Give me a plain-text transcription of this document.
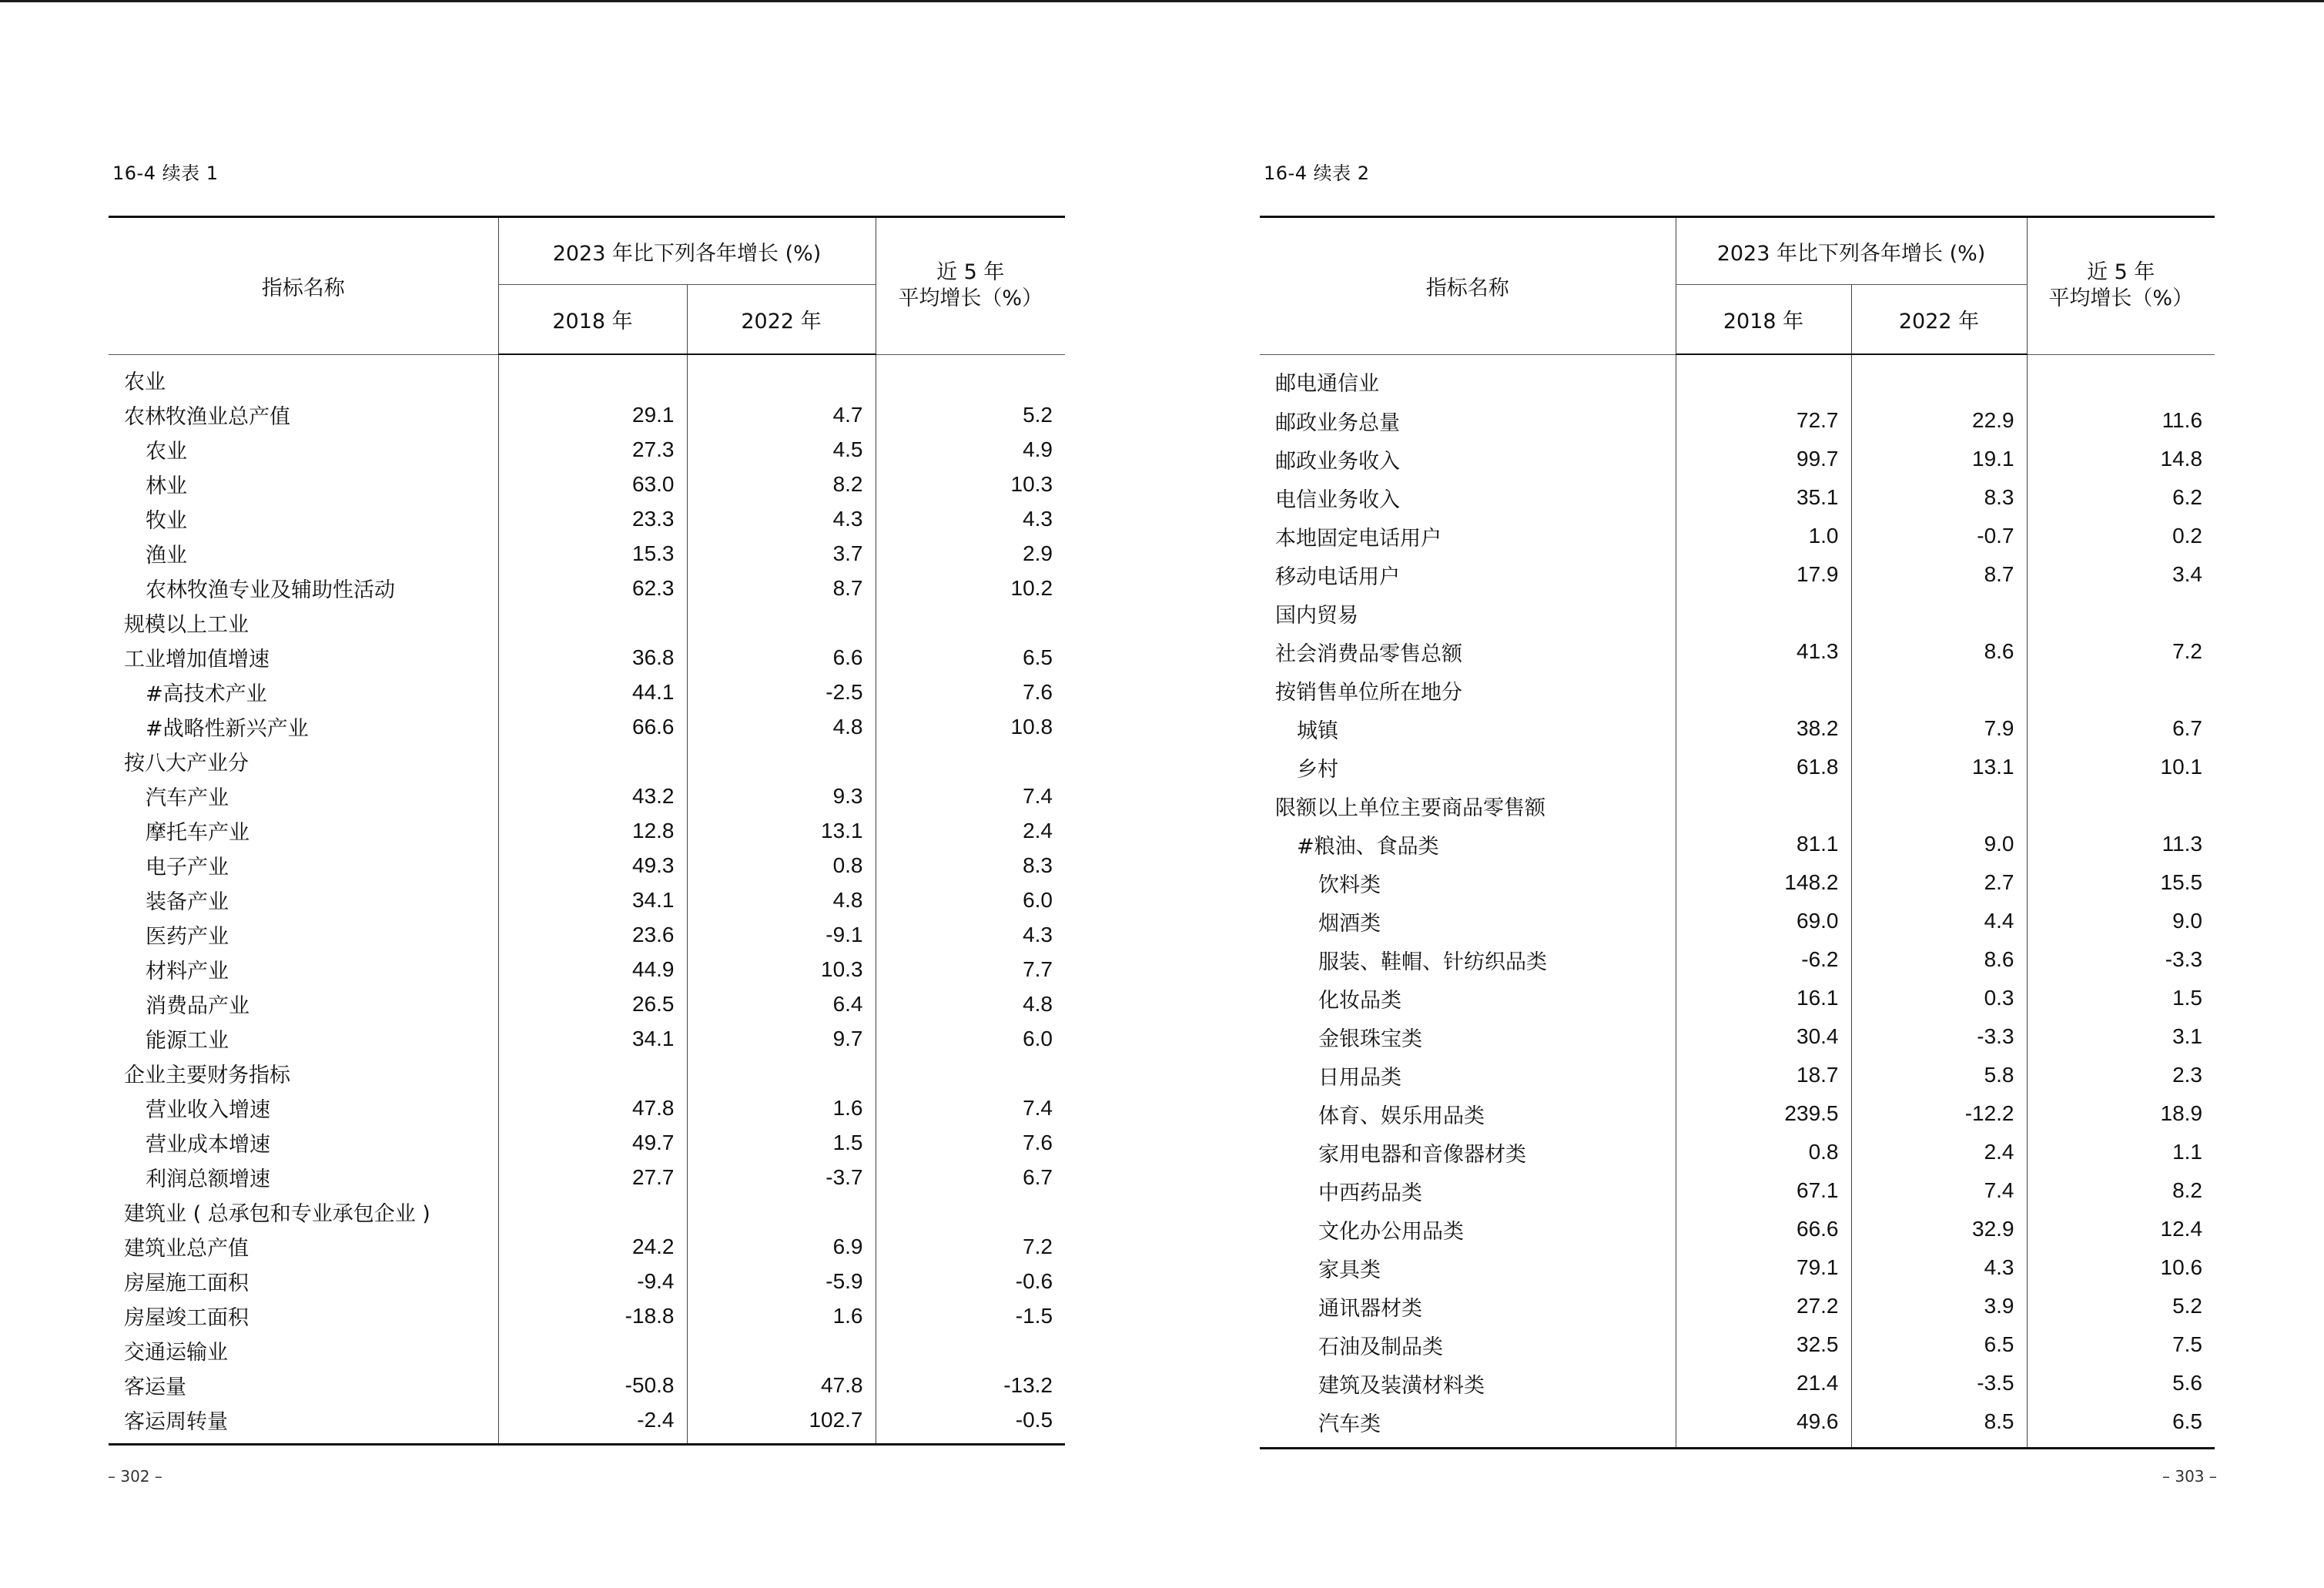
16-4 续表 1
指标名称	2023 年比下列各年增长 (%)		近 5 年
平均增长（%）

	2018 年	2022 年	
农业			
农林牧渔业总产值	29.1	4.7	5.2
农业	27.3	4.5	4.9
林业	63.0	8.2	10.3
牧业	23.3	4.3	4.3
渔业	15.3	3.7	2.9
农林牧渔专业及辅助性活动	62.3	8.7	10.2
规模以上工业			
工业增加值增速	36.8	6.6	6.5
#高技术产业	44.1	-2.5	7.6
#战略性新兴产业	66.6	4.8	10.8
按八大产业分			
汽车产业	43.2	9.3	7.4
摩托车产业	12.8	13.1	2.4
电子产业	49.3	0.8	8.3
装备产业	34.1	4.8	6.0
医药产业	23.6	-9.1	4.3
材料产业	44.9	10.3	7.7
消费品产业	26.5	6.4	4.8
能源工业	34.1	9.7	6.0
企业主要财务指标			
营业收入增速	47.8	1.6	7.4
营业成本增速	49.7	1.5	7.6
利润总额增速	27.7	-3.7	6.7
建筑业 ( 总承包和专业承包企业 )			
建筑业总产值	24.2	6.9	7.2
房屋施工面积	-9.4	-5.9	-0.6
房屋竣工面积	-18.8	1.6	-1.5
交通运输业			
客运量	-50.8	47.8	-13.2
客运周转量	-2.4	102.7	-0.5
– 302 –
16-4 续表 2
指标名称	2023 年比下列各年增长 (%)		近 5 年
平均增长（%）

	2018 年	2022 年	
邮电通信业			
邮政业务总量	72.7	22.9	11.6
邮政业务收入	99.7	19.1	14.8
电信业务收入	35.1	8.3	6.2
本地固定电话用户	1.0	-0.7	0.2
移动电话用户	17.9	8.7	3.4
国内贸易			
社会消费品零售总额	41.3	8.6	7.2
按销售单位所在地分			
城镇	38.2	7.9	6.7
乡村	61.8	13.1	10.1
限额以上单位主要商品零售额			
#粮油、食品类	81.1	9.0	11.3
饮料类	148.2	2.7	15.5
烟酒类	69.0	4.4	9.0
服装、鞋帽、针纺织品类	-6.2	8.6	-3.3
化妆品类	16.1	0.3	1.5
金银珠宝类	30.4	-3.3	3.1
日用品类	18.7	5.8	2.3
体育、娱乐用品类	239.5	-12.2	18.9
家用电器和音像器材类	0.8	2.4	1.1
中西药品类	67.1	7.4	8.2
文化办公用品类	66.6	32.9	12.4
家具类	79.1	4.3	10.6
通讯器材类	27.2	3.9	5.2
石油及制品类	32.5	6.5	7.5
建筑及装潢材料类	21.4	-3.5	5.6
汽车类	49.6	8.5	6.5
– 303 –
